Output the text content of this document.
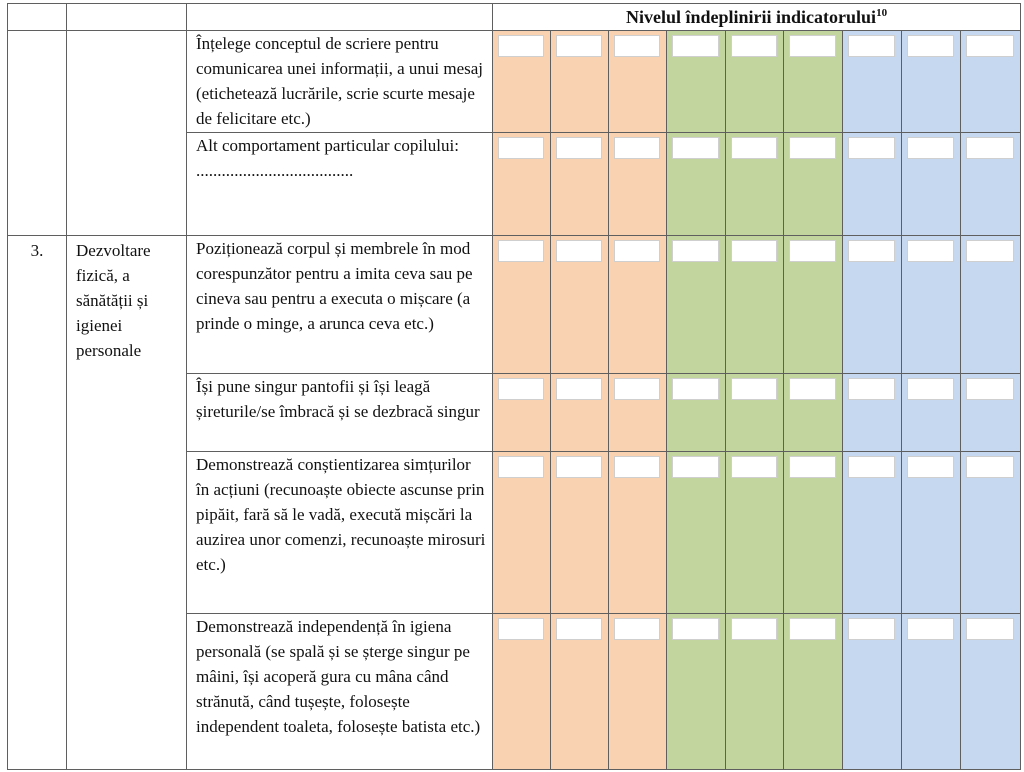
			Nivelul îndeplinirii indicatorului$^{10}$
		Înțelege conceptul de scriere pentru comunicarea unei informații, a unui mesaj (etichetează lucrările, scrie scurte mesaje de felicitare etc.)	

		Alt comportament particular copilului: .....................................	

3.	Dezvoltare fizică, a sănătății și igienei personale	Poziționează corpul și membrele în mod corespunzător pentru a imita ceva sau pe cineva sau pentru a executa o mișcare (a prinde o minge, a arunca ceva etc.)	

		Își pune singur pantofii și își leagă șireturile/se îmbracă și se dezbracă singur	

		Demonstrează conștientizarea simțurilor în acțiuni (recunoaște obiecte ascunse prin pipăit, fară să le vadă, execută mișcări la auzirea unor comenzi, recunoaște mirosuri etc.)	

		Demonstrează independență în igiena personală (se spală și se șterge singur pe mâini, își acoperă gura cu mâna când strănută, când tușește, folosește independent toaleta, folosește batista etc.)	
